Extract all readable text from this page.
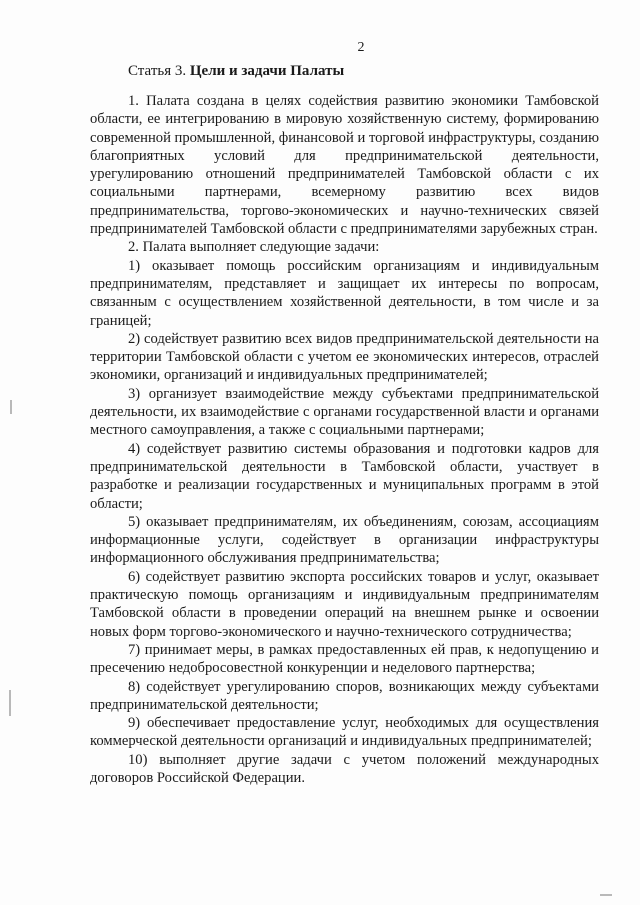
2
Статья 3. Цели и задачи Палаты

1. Палата создана в целях содействия развитию экономики Тамбовской области, ее интегрированию в мировую хозяйственную систему, формированию современной промышленной, финансовой и торговой инфраструктуры, созданию благоприятных условий для предпринимательской деятельности, урегулированию отношений предпринимателей Тамбовской области с их социальными партнерами, всемерному развитию всех видов предпринимательства, торгово-экономических и научно-технических связей предпринимателей Тамбовской области с предпринимателями зарубежных стран.

2. Палата выполняет следующие задачи:

1) оказывает помощь российским организациям и индивидуальным предпринимателям, представляет и защищает их интересы по вопросам, связанным с осуществлением хозяйственной деятельности, в том числе и за границей;

2) содействует развитию всех видов предпринимательской деятельности на территории Тамбовской области с учетом ее экономических интересов, отраслей экономики, организаций и индивидуальных предпринимателей;

3) организует взаимодействие между субъектами предпринимательской деятельности, их взаимодействие с органами государственной власти и органами местного самоуправления, а также с социальными партнерами;

4) содействует развитию системы образования и подготовки кадров для предпринимательской деятельности в Тамбовской области, участвует в разработке и реализации государственных и муниципальных программ в этой области;

5) оказывает предпринимателям, их объединениям, союзам, ассоциациям информационные услуги, содействует в организации инфраструктуры информационного обслуживания предпринимательства;

6) содействует развитию экспорта российских товаров и услуг, оказывает практическую помощь организациям и индивидуальным предпринимателям Тамбовской области в проведении операций на внешнем рынке и освоении новых форм торгово-экономического и научно-технического сотрудничества;

7) принимает меры, в рамках предоставленных ей прав, к недопущению и пресечению недобросовестной конкуренции и неделового партнерства;

8) содействует урегулированию споров, возникающих между субъектами предпринимательской деятельности;

9) обеспечивает предоставление услуг, необходимых для осуществления коммерческой деятельности организаций и индивидуальных предпринимателей;

10) выполняет другие задачи с учетом положений международных договоров Российской Федерации.
